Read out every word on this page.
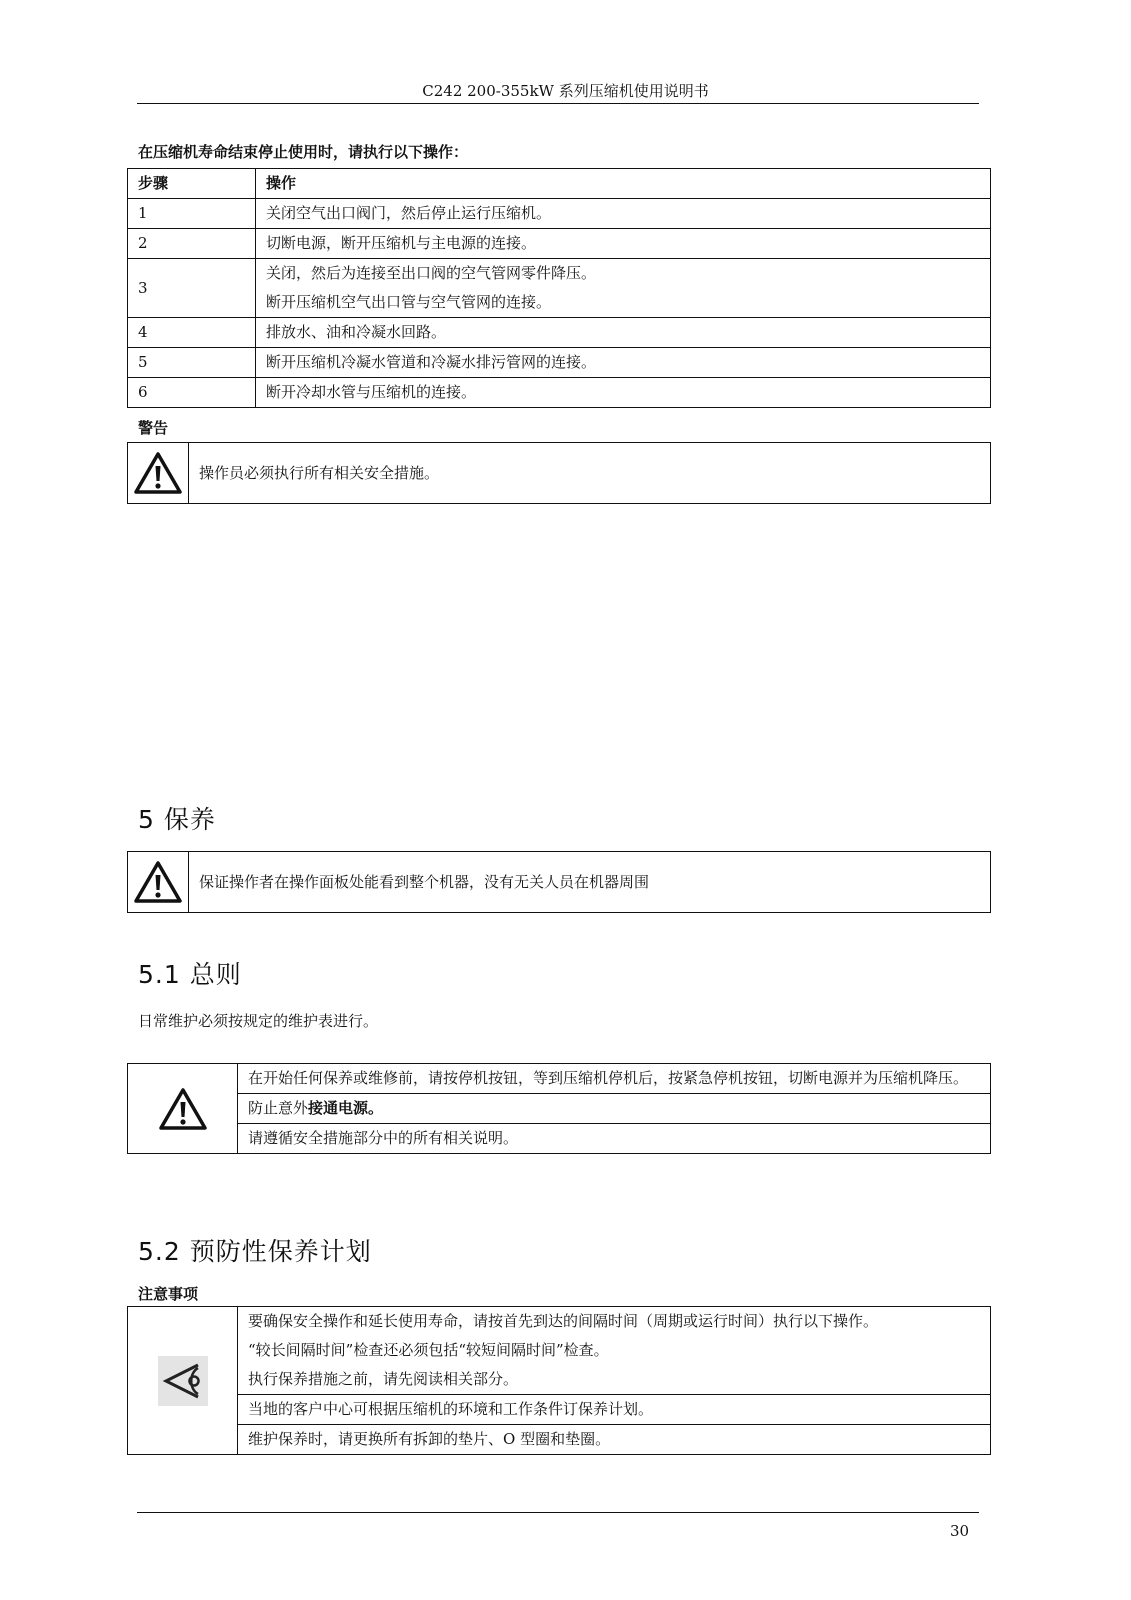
C242 200-355kW 系列压缩机使用说明书
在压缩机寿命结束停止使用时，请执行以下操作：
步骤	操作
1	关闭空气出口阀门，然后停止运行压缩机。
2	切断电源，断开压缩机与主电源的连接。
3	关闭，然后为连接至出口阀的空气管网零件降压。
断开压缩机空气出口管与空气管网的连接。

4	排放水、油和冷凝水回路。
5	断开压缩机冷凝水管道和冷凝水排污管网的连接。
6	断开冷却水管与压缩机的连接。
警告
	操作员必须执行所有相关安全措施。
5 保养
	保证操作者在操作面板处能看到整个机器，没有无关人员在机器周围
5.1 总则
日常维护必须按规定的维护表进行。
	在开始任何保养或维修前，请按停机按钮，等到压缩机停机后，按紧急停机按钮，切断电源并为压缩机降压。
防止意外接通电源。
请遵循安全措施部分中的所有相关说明。
5.2 预防性保养计划
注意事项

要确保安全操作和延长使用寿命，请按首先到达的间隔时间（周期或运行时间）执行以下操作。
“较长间隔时间”检查还必须包括“较短间隔时间”检查。
执行保养措施之前，请先阅读相关部分。

当地的客户中心可根据压缩机的环境和工作条件订保养计划。
维护保养时，请更换所有拆卸的垫片、O 型圈和垫圈。
30
